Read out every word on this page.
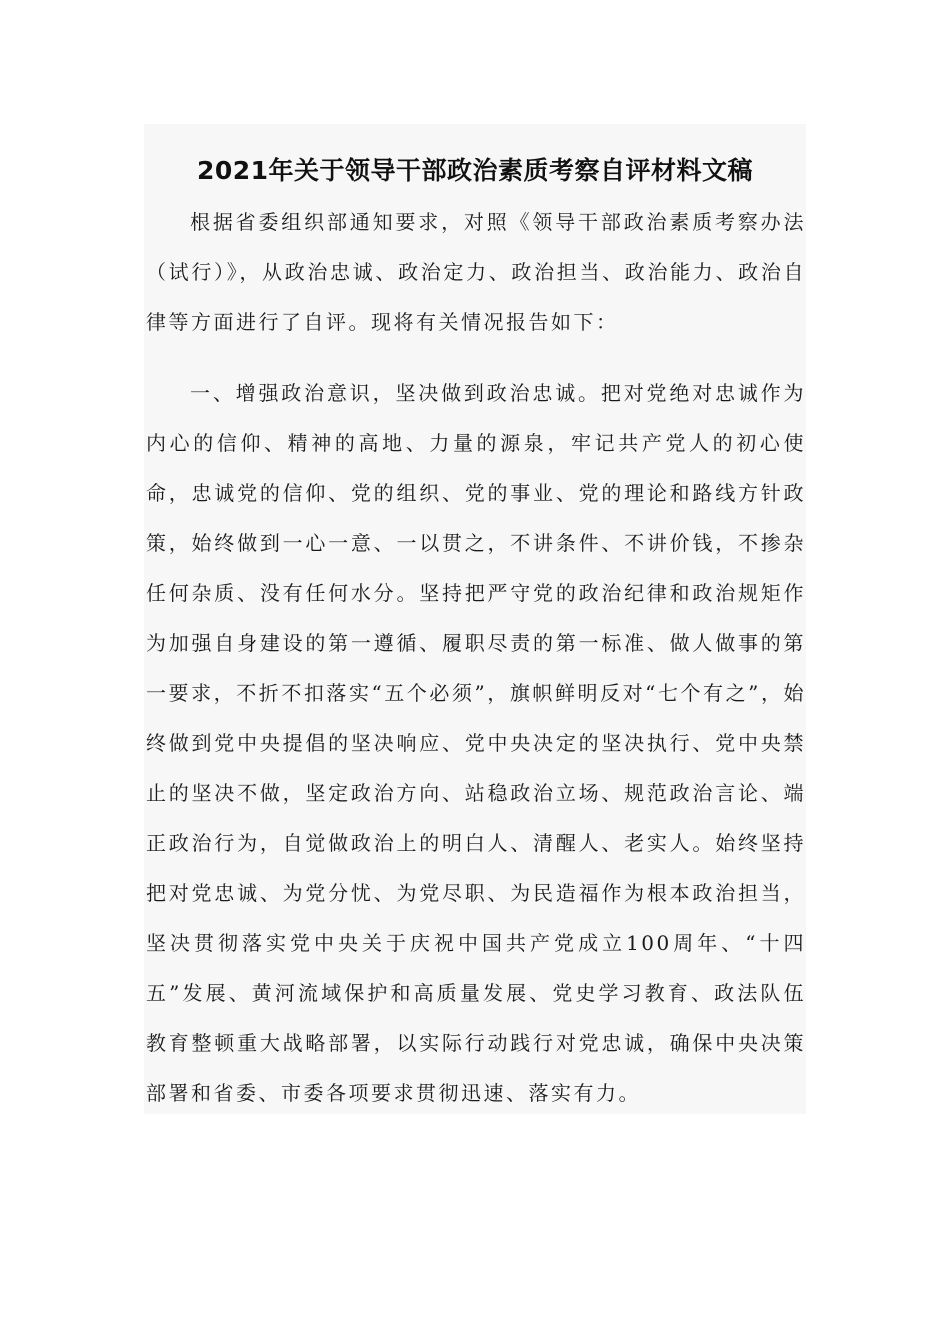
2021年关于领导干部政治素质考察自评材料文稿

根据省委组织部通知要求，对照《领导干部政治素质考察办法（试行）》，从政治忠诚、政治定力、政治担当、政治能力、政治自律等方面进行了自评。现将有关情况报告如下：

一、增强政治意识，坚决做到政治忠诚。把对党绝对忠诚作为内心的信仰、精神的高地、力量的源泉，牢记共产党人的初心使命，忠诚党的信仰、党的组织、党的事业、党的理论和路线方针政策，始终做到一心一意、一以贯之，不讲条件、不讲价钱，不掺杂任何杂质、没有任何水分。坚持把严守党的政治纪律和政治规矩作为加强自身建设的第一遵循、履职尽责的第一标准、做人做事的第一要求，不折不扣落实“五个必须”，旗帜鲜明反对“七个有之”，始终做到党中央提倡的坚决响应、党中央决定的坚决执行、党中央禁止的坚决不做，坚定政治方向、站稳政治立场、规范政治言论、端正政治行为，自觉做政治上的明白人、清醒人、老实人。始终坚持把对党忠诚、为党分忧、为党尽职、为民造福作为根本政治担当，坚决贯彻落实党中央关于庆祝中国共产党成立100周年、“十四五”发展、黄河流域保护和高质量发展、党史学习教育、政法队伍教育整顿重大战略部署，以实际行动践行对党忠诚，确保中央决策部署和省委、市委各项要求贯彻迅速、落实有力。
